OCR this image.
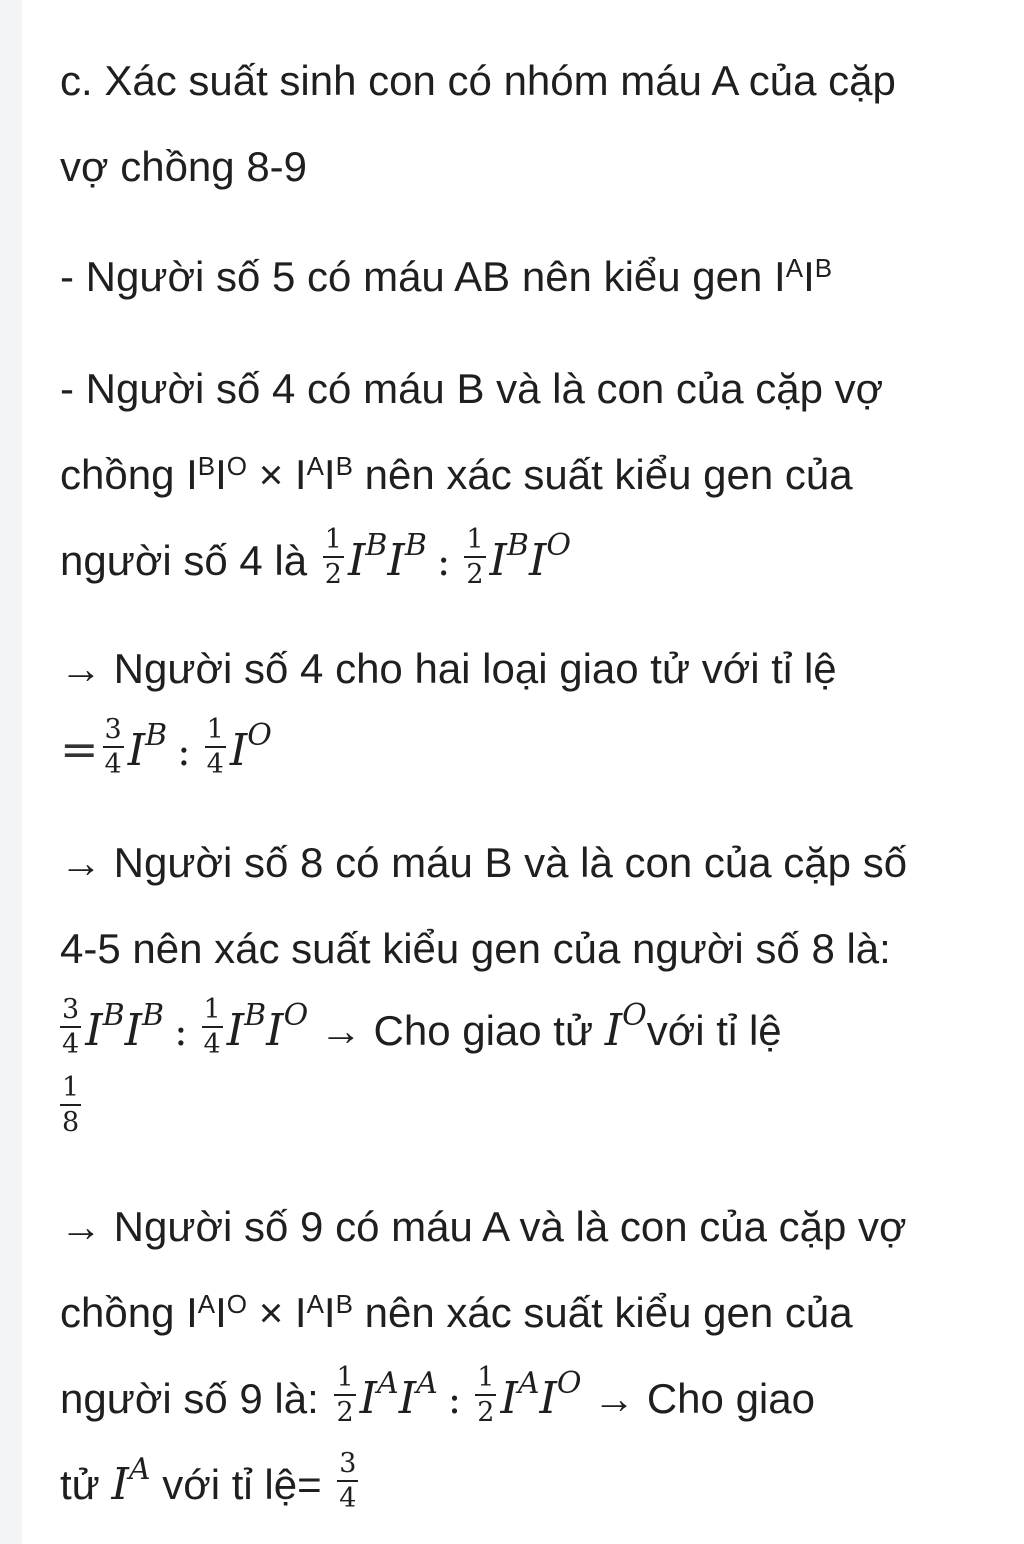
c. Xác suất sinh con có nhóm máu A của cặp
vợ chồng 8-9
- Người số 5 có máu AB nên kiểu gen $I^AI^B$
- Người số 4 có máu B và là con của cặp vợ
chồng $I^BI^O \times I^AI^B$ nên xác suất kiểu gen của
người số 4 là $\frac{1}{2} I^BI^B$ : $\frac{1}{2} I^BI^O$
→ Người số 4 cho hai loại giao tử với tỉ lệ
= $\frac{3}{4} I^B$ : $\frac{1}{4} I^O$
→ Người số 8 có máu B và là con của cặp số
4-5 nên xác suất kiểu gen của người số 8 là:
$\frac{3}{4} I^BI^B$ : $\frac{1}{4} I^BI^O$ → Cho giao tử $I^Ovới$ tỉ lệ
$\frac{1}{8}$
→ Người số 9 có máu A và là con của cặp vợ
chồng $I^AI^O \times I^AI^B$ nên xác suất kiểu gen của
người số 9 là: $\frac{1}{2} I^AI^A$ : $\frac{1}{2} I^AI^O$ → Cho giao
tử $I^A$ với tỉ lệ= $\frac{3}{4}$
